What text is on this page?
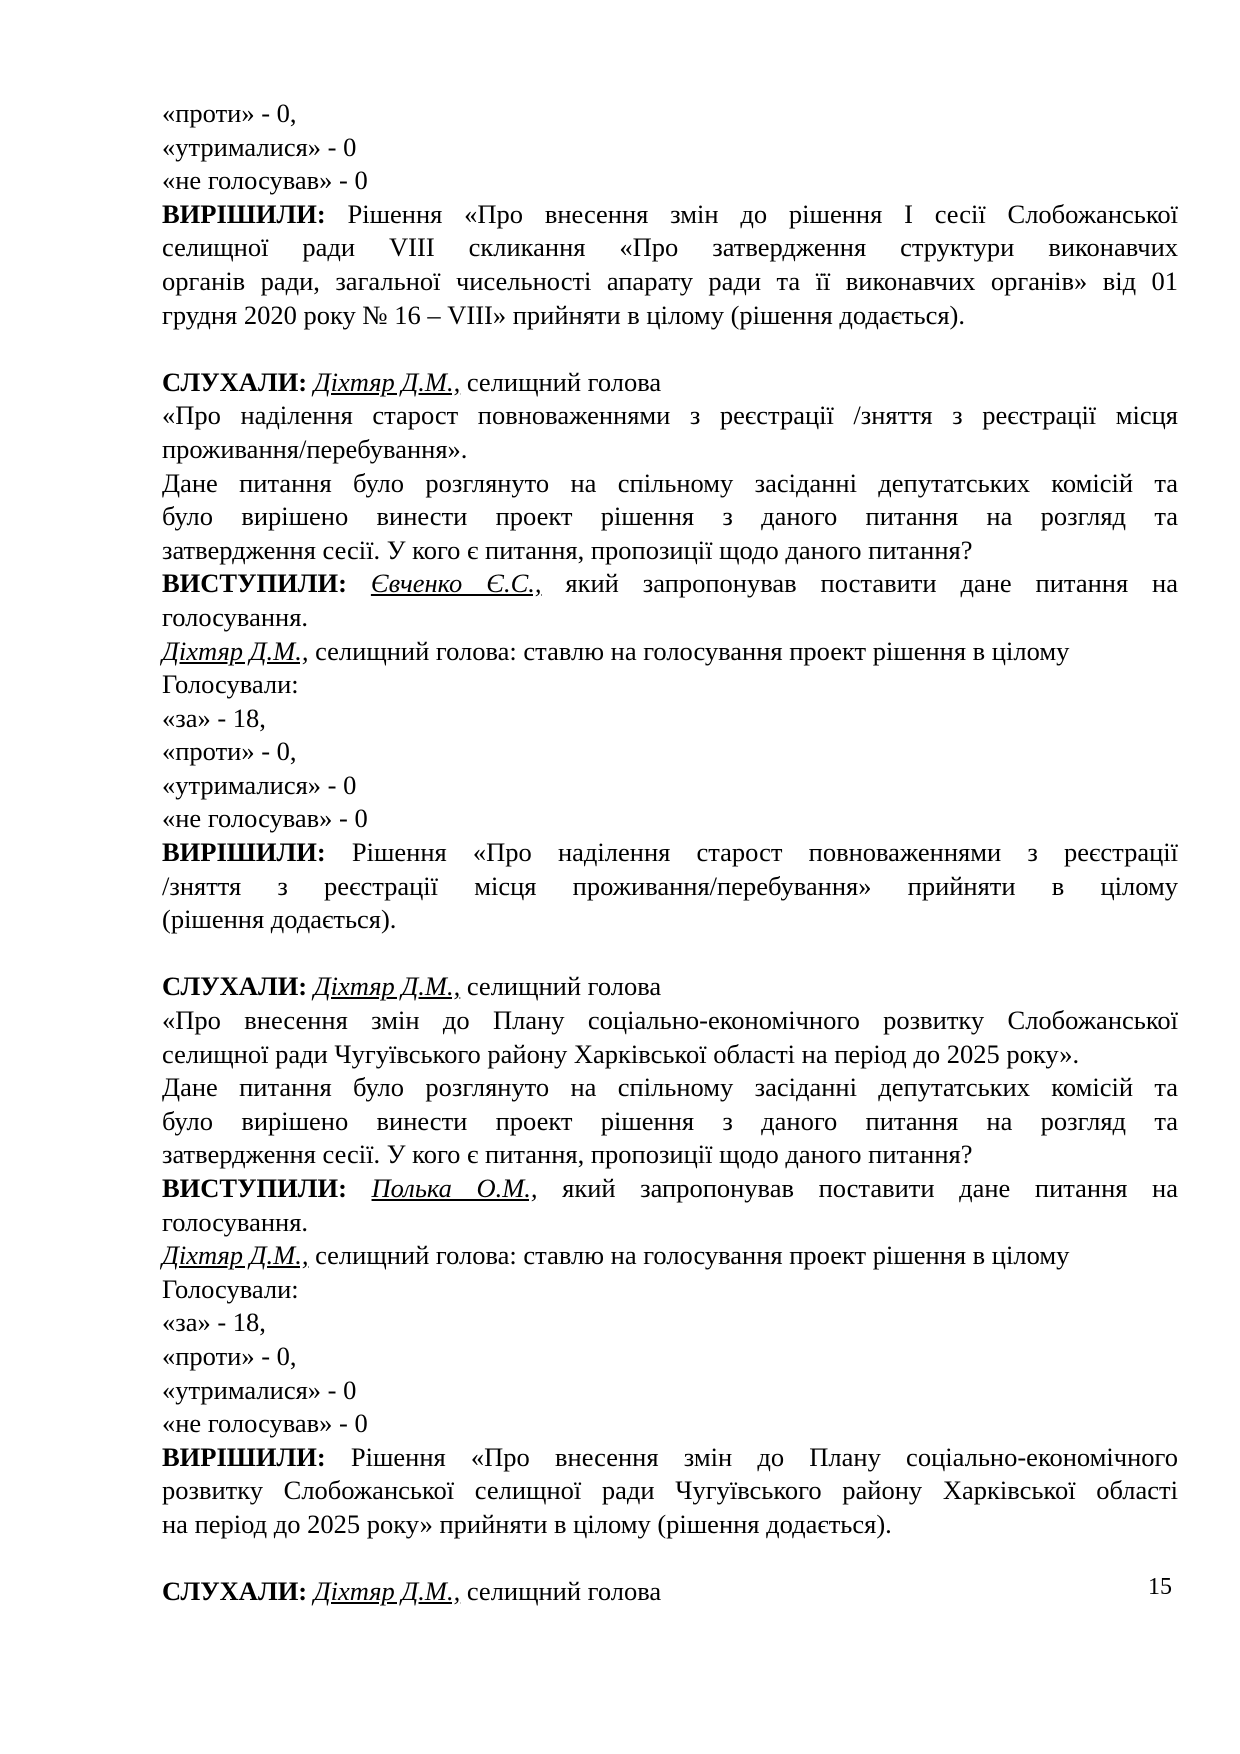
«проти» - 0,
«утрималися» - 0
«не голосував» - 0
ВИРІШИЛИ: Рішення «Про внесення змін до рішення І сесії Слобожанської
селищної ради VIII скликання «Про затвердження структури виконавчих
органів ради, загальної чисельності апарату ради та її виконавчих органів» від 01
грудня 2020 року № 16 – VIII» прийняти в цілому (рішення додається).
СЛУХАЛИ: Діхтяр Д.М., селищний голова
«Про наділення старост повноваженнями з реєстрації /зняття з реєстрації місця
проживання/перебування».
Дане питання було розглянуто на спільному засіданні депутатських комісій та
було вирішено винести проект рішення з даного питання на розгляд та
затвердження сесії. У кого є питання, пропозиції щодо даного питання?
ВИСТУПИЛИ: Євченко Є.С., який запропонував поставити дане питання на
голосування.
Діхтяр Д.М., селищний голова: ставлю на голосування проект рішення в цілому
Голосували:
«за» - 18,
«проти» - 0,
«утрималися» - 0
«не голосував» - 0
ВИРІШИЛИ: Рішення «Про наділення старост повноваженнями з реєстрації
/зняття з реєстрації місця проживання/перебування» прийняти в цілому
(рішення додається).
СЛУХАЛИ: Діхтяр Д.М., селищний голова
«Про внесення змін до Плану соціально-економічного розвитку Слобожанської
селищної ради Чугуївського району Харківської області на період до 2025 року».
Дане питання було розглянуто на спільному засіданні депутатських комісій та
було вирішено винести проект рішення з даного питання на розгляд та
затвердження сесії. У кого є питання, пропозиції щодо даного питання?
ВИСТУПИЛИ: Полька О.М., який запропонував поставити дане питання на
голосування.
Діхтяр Д.М., селищний голова: ставлю на голосування проект рішення в цілому
Голосували:
«за» - 18,
«проти» - 0,
«утрималися» - 0
«не голосував» - 0
ВИРІШИЛИ: Рішення «Про внесення змін до Плану соціально-економічного
розвитку Слобожанської селищної ради Чугуївського району Харківської області
на період до 2025 року» прийняти в цілому (рішення додається).
СЛУХАЛИ: Діхтяр Д.М., селищний голова	15
